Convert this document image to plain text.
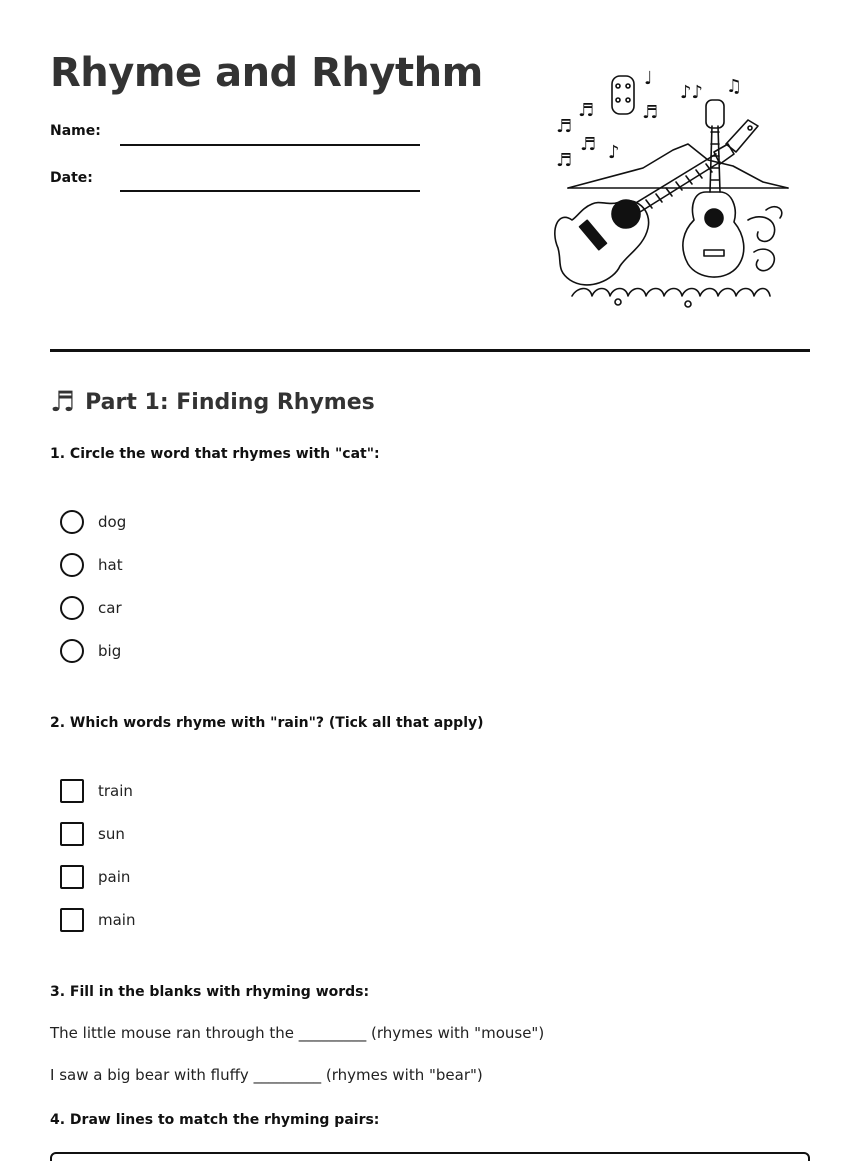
Rhyme and Rhythm
Name:
Date:
♬
♬
♬
♬ ♪
♬
♩
♪♪ ♫
♬ Part 1: Finding Rhymes
1. Circle the word that rhymes with "cat":
dog
hat
car
big
2. Which words rhyme with "rain"? (Tick all that apply)
train
sun
pain
main
3. Fill in the blanks with rhyming words:
The little mouse ran through the _________ (rhymes with "mouse")
I saw a big bear with fluffy _________ (rhymes with "bear")
4. Draw lines to match the rhyming pairs:
